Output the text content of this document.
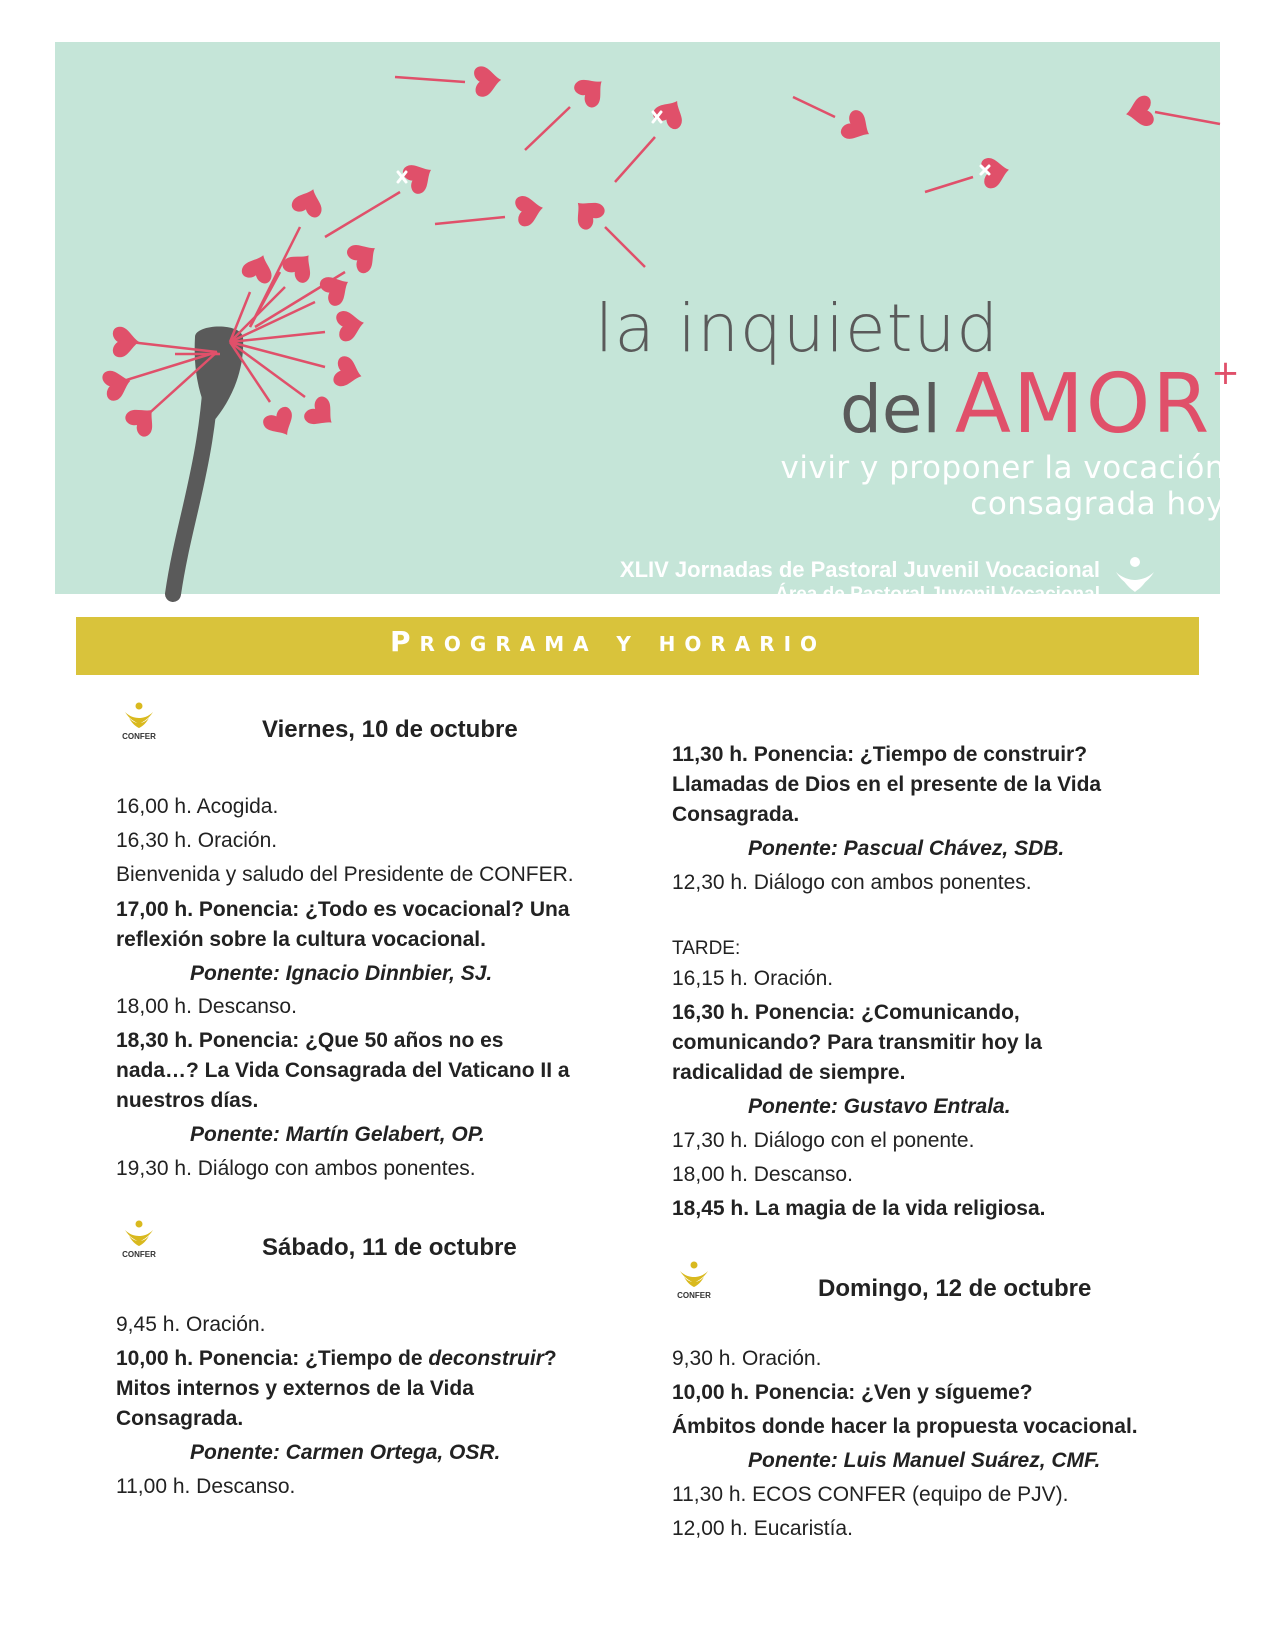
la inquietud
del AMOR+
vivir y proponer la vocación consagrada hoy
XLIV Jornadas de Pastoral Juvenil Vocacional
Área de Pastoral Juvenil Vocacional CONFER
Programa y horario
CONFER	Viernes, 10 de octubre
16,00 h. Acogida.
16,30 h. Oración.
Bienvenida y saludo del Presidente de CONFER.
17,00 h. Ponencia: ¿Todo es vocacional? Una
reflexión sobre la cultura vocacional.
Ponente: Ignacio Dinnbier, SJ.
18,00 h. Descanso.
18,30 h. Ponencia: ¿Que 50 años no es
nada…? La Vida Consagrada del Vaticano II a
nuestros días.
Ponente: Martín Gelabert, OP.
19,30 h. Diálogo con ambos ponentes.
CONFER	Sábado, 11 de octubre
9,45 h. Oración.
10,00 h. Ponencia: ¿Tiempo de deconstruir?
Mitos internos y externos de la Vida
Consagrada.
Ponente: Carmen Ortega, OSR.
11,00 h. Descanso.
11,30 h. Ponencia: ¿Tiempo de construir?
Llamadas de Dios en el presente de la Vida
Consagrada.
Ponente: Pascual Chávez, SDB.
12,30 h. Diálogo con ambos ponentes.
TARDE:
16,15 h. Oración.
16,30 h. Ponencia: ¿Comunicando,
comunicando? Para transmitir hoy la
radicalidad de siempre.
Ponente: Gustavo Entrala.
17,30 h. Diálogo con el ponente.
18,00 h. Descanso.
18,45 h. La magia de la vida religiosa.
CONFER	Domingo, 12 de octubre
9,30 h. Oración.
10,00 h. Ponencia: ¿Ven y sígueme?
Ámbitos donde hacer la propuesta vocacional.
Ponente: Luis Manuel Suárez, CMF.
11,30 h. ECOS CONFER (equipo de PJV).
12,00 h. Eucaristía.
